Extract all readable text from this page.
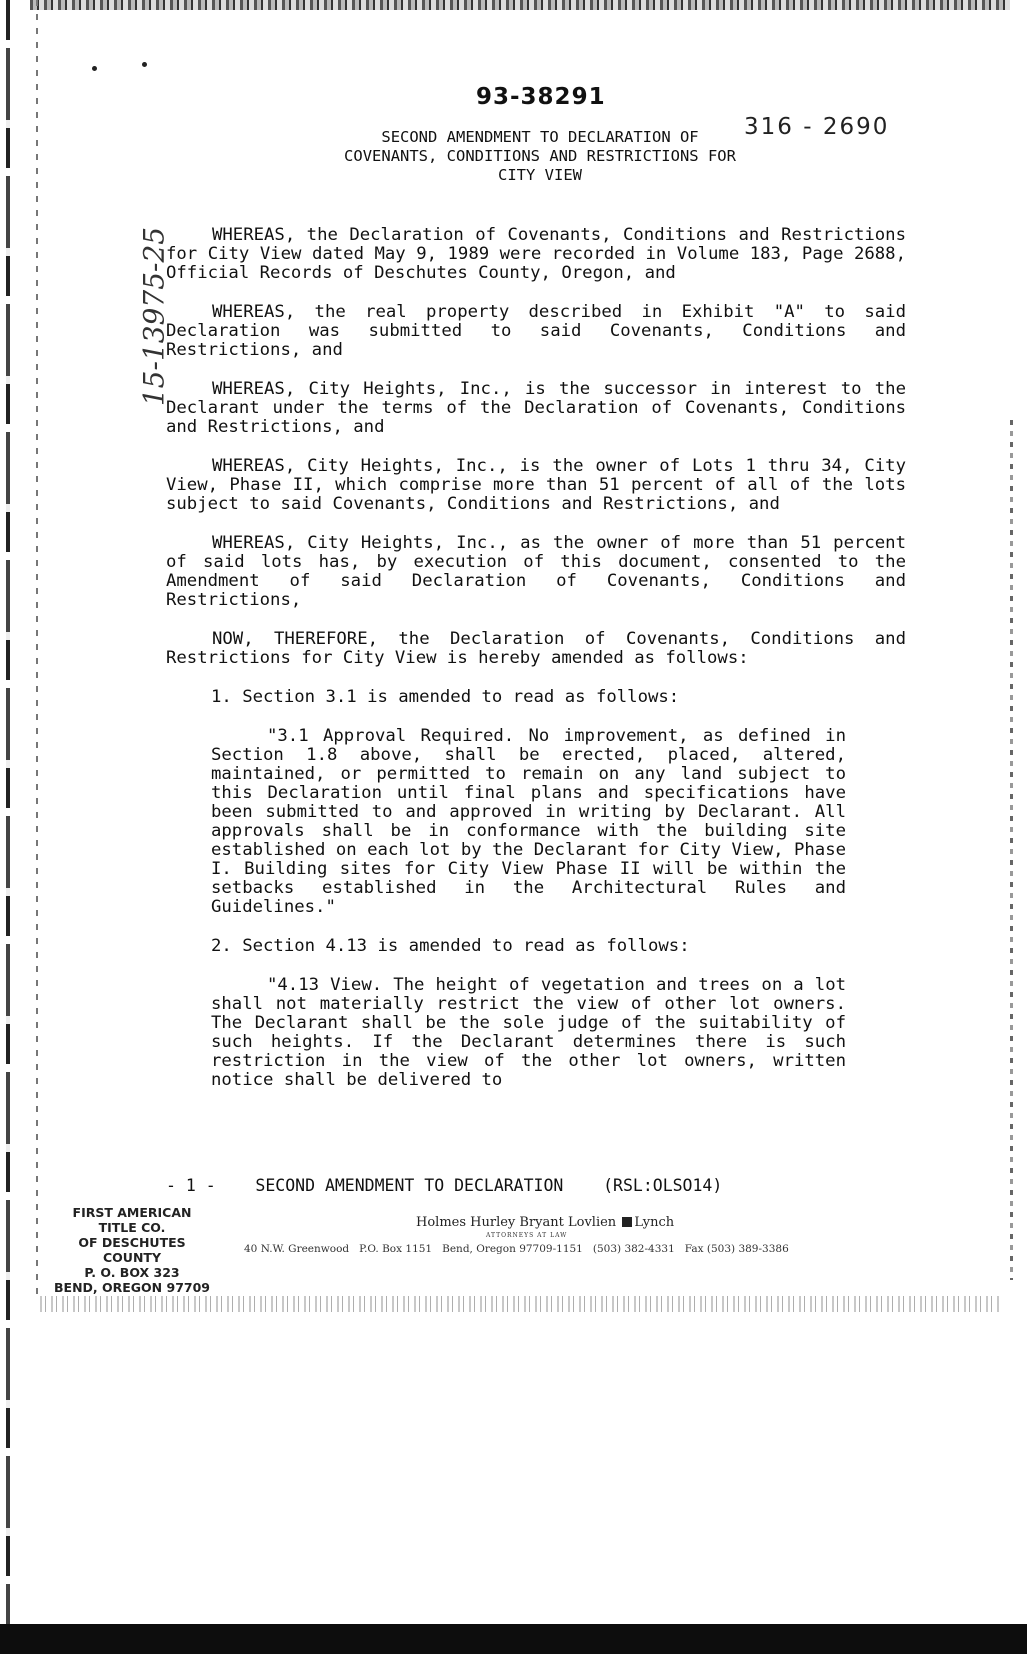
93-38291
316 - 2690
15-13975-25
SECOND AMENDMENT TO DECLARATION OF
COVENANTS, CONDITIONS AND RESTRICTIONS FOR
CITY VIEW

WHEREAS, the Declaration of Covenants, Conditions and Restrictions for City View dated May 9, 1989 were recorded in Volume 183, Page 2688, Official Records of Deschutes County, Oregon, and

WHEREAS, the real property described in Exhibit "A" to said Declaration was submitted to said Covenants, Conditions and Restrictions, and

WHEREAS, City Heights, Inc., is the successor in interest to the Declarant under the terms of the Declaration of Covenants, Conditions and Restrictions, and

WHEREAS, City Heights, Inc., is the owner of Lots 1 thru 34, City View, Phase II, which comprise more than 51 percent of all of the lots subject to said Covenants, Conditions and Restrictions, and

WHEREAS, City Heights, Inc., as the owner of more than 51 percent of said lots has, by execution of this document, consented to the Amendment of said Declaration of Covenants, Conditions and Restrictions,

NOW, THEREFORE, the Declaration of Covenants, Conditions and Restrictions for City View is hereby amended as follows:

1. Section 3.1 is amended to read as follows:

"3.1 Approval Required. No improvement, as defined in Section 1.8 above, shall be erected, placed, altered, maintained, or permitted to remain on any land subject to this Declaration until final plans and specifications have been submitted to and approved in writing by Declarant. All approvals shall be in conformance with the building site established on each lot by the Declarant for City View, Phase I. Building sites for City View Phase II will be within the setbacks established in the Architectural Rules and Guidelines."

2. Section 4.13 is amended to read as follows:

"4.13 View. The height of vegetation and trees on a lot shall not materially restrict the view of other lot owners. The Declarant shall be the sole judge of the suitability of such heights. If the Declarant determines there is such restriction in the view of the other lot owners, written notice shall be delivered to

- 1 -    SECOND AMENDMENT TO DECLARATION    (RSL:OLSO14)
FIRST AMERICAN TITLE CO.
OF DESCHUTES COUNTY
P. O. BOX 323
BEND, OREGON 97709
Holmes Hurley Bryant Lovlien Lynch
ATTORNEYS AT LAW
40 N.W. Greenwood   P.O. Box 1151   Bend, Oregon 97709-1151   (503) 382-4331   Fax (503) 389-3386
